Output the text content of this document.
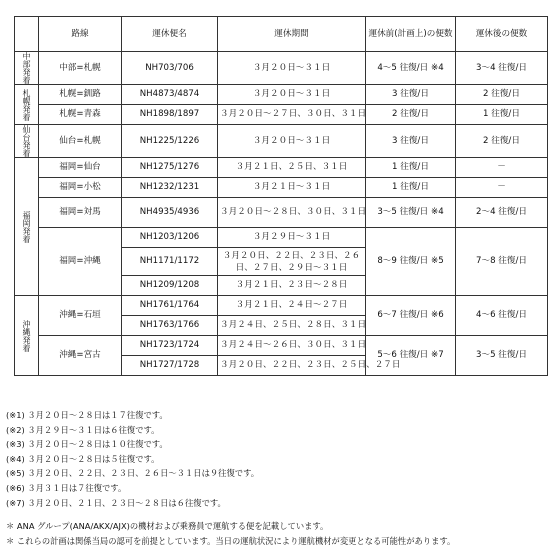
	路線	運休便名	運休期間	運休前(計画上)の便数	運休後の便数
中部発着	中部=札幌	NH703/706	３月２０日～３１日	4～5 往復/日 ※4	3～4 往復/日
札幌発着	札幌=釧路	NH4873/4874	３月２０日～３１日	3 往復/日	2 往復/日
	札幌=青森	NH1898/1897	３月２０日～２７日、３０日、３１日	2 往復/日	1 往復/日
仙台発着	仙台=札幌	NH1225/1226	３月２０日～３１日	3 往復/日	2 往復/日
福岡発着	福岡=仙台	NH1275/1276	３月２１日、２５日、３１日	1 往復/日	－
	福岡=小松	NH1232/1231	３月２１日～３１日	1 往復/日	－
	福岡=対馬	NH4935/4936	３月２０日～２８日、３０日、３１日	3～5 往復/日 ※4	2～4 往復/日
	福岡=沖縄	NH1203/1206	３月２９日～３１日	8～9 往復/日 ※5	7～8 往復/日
		NH1171/1172	３月２０日、２２日、２３日、２６日、２７日、２９日～３１日		
		NH1209/1208	３月２１日、２３日～２８日		
沖縄発着	沖縄=石垣	NH1761/1764	３月２１日、２４日～２７日	6～7 往復/日 ※6	4～6 往復/日
		NH1763/1766	３月２４日、２５日、２８日、３１日		
	沖縄=宮古	NH1723/1724	３月２４日～２６日、３０日、３１日	5～6 往復/日 ※7	3～5 往復/日
		NH1727/1728	３月２０日、２２日、２３日、２５日、２７日		
(※1) ３月２０日～２８日は１７往復です。
(※2) ３月２９日～３１日は６往復です。
(※3) ３月２０日～２８日は１０往復です。
(※4) ３月２０日～２８日は５往復です。
(※5) ３月２０日、２２日、２３日、２６日～３１日は９往復です。
(※6) ３月３１日は７往復です。
(※7) ３月２０日、２１日、２３日～２８日は６往復です。
＊ ANA グループ(ANA/AKX/AJX)の機材および乗務員で運航する便を記載しています。
＊ これらの計画は関係当局の認可を前提としています。当日の運航状況により運航機材が変更となる可能性があります。
